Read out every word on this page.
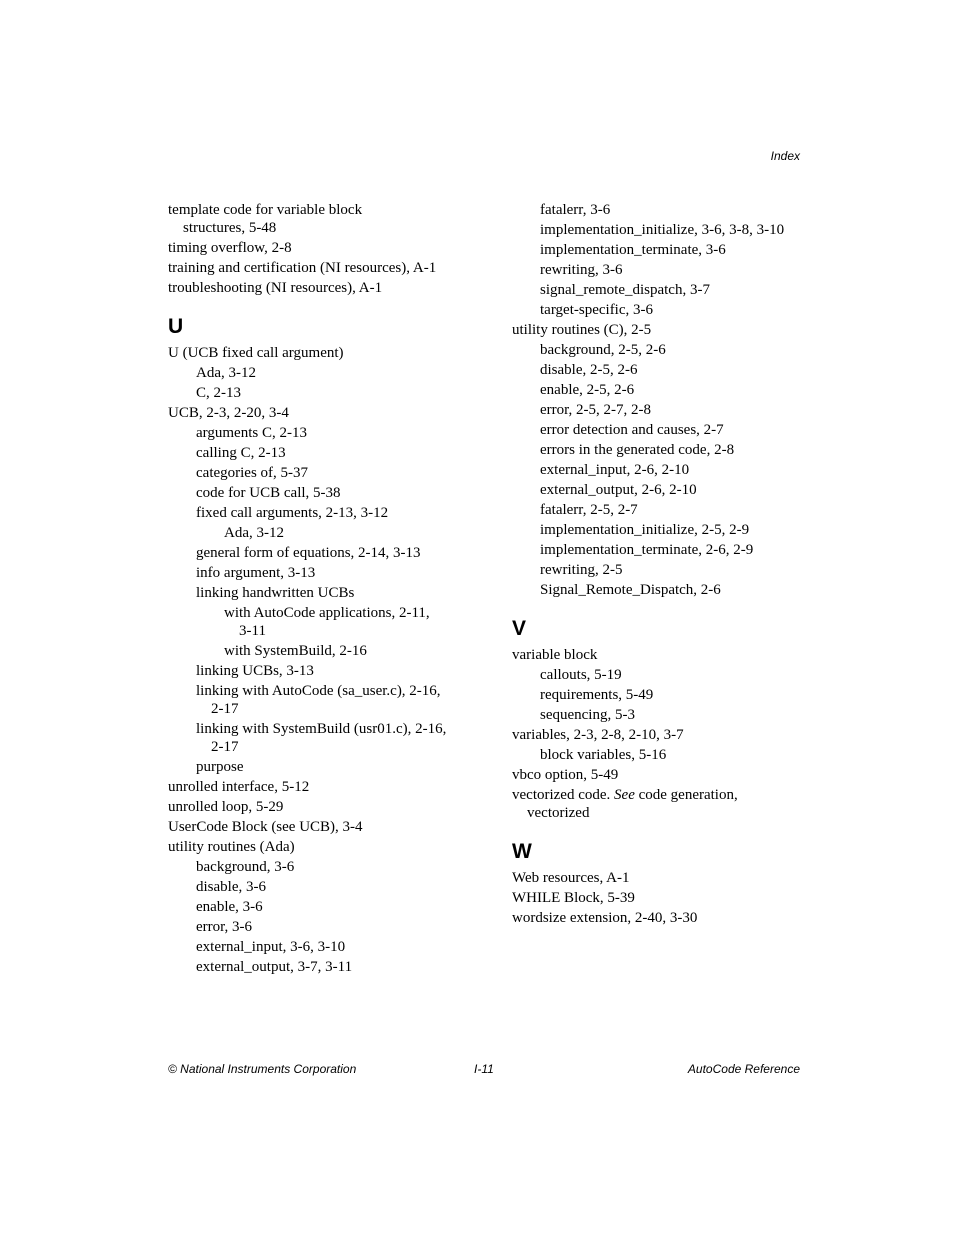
Index
template code for variable block
structures, 5-48
timing overflow, 2-8
training and certification (NI resources), A-1
troubleshooting (NI resources), A-1
U
U (UCB fixed call argument)
Ada, 3-12
C, 2-13
UCB, 2-3, 2-20, 3-4
arguments C, 2-13
calling C, 2-13
categories of, 5-37
code for UCB call, 5-38
fixed call arguments, 2-13, 3-12
Ada, 3-12
general form of equations, 2-14, 3-13
info argument, 3-13
linking handwritten UCBs
with AutoCode applications, 2-11,
3-11
with SystemBuild, 2-16
linking UCBs, 3-13
linking with AutoCode (sa_user.c), 2-16,
2-17
linking with SystemBuild (usr01.c), 2-16,
2-17
purpose
unrolled interface, 5-12
unrolled loop, 5-29
UserCode Block (see UCB), 3-4
utility routines (Ada)
background, 3-6
disable, 3-6
enable, 3-6
error, 3-6
external_input, 3-6, 3-10
external_output, 3-7, 3-11
fatalerr, 3-6
implementation_initialize, 3-6, 3-8, 3-10
implementation_terminate, 3-6
rewriting, 3-6
signal_remote_dispatch, 3-7
target-specific, 3-6
utility routines (C), 2-5
background, 2-5, 2-6
disable, 2-5, 2-6
enable, 2-5, 2-6
error, 2-5, 2-7, 2-8
error detection and causes, 2-7
errors in the generated code, 2-8
external_input, 2-6, 2-10
external_output, 2-6, 2-10
fatalerr, 2-5, 2-7
implementation_initialize, 2-5, 2-9
implementation_terminate, 2-6, 2-9
rewriting, 2-5
Signal_Remote_Dispatch, 2-6
V
variable block
callouts, 5-19
requirements, 5-49
sequencing, 5-3
variables, 2-3, 2-8, 2-10, 3-7
block variables, 5-16
vbco option, 5-49
vectorized code. See code generation,
vectorized
W
Web resources, A-1
WHILE Block, 5-39
wordsize extension, 2-40, 3-30
© National Instruments Corporation	I-11	AutoCode Reference
